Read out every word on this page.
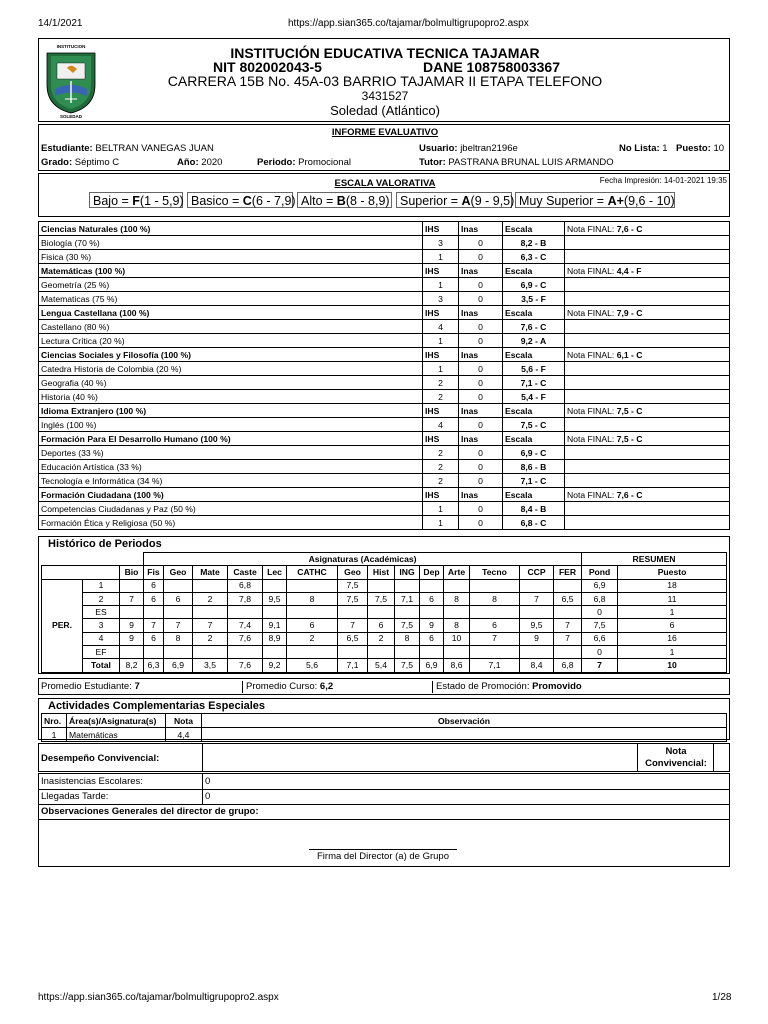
14/1/2021	https://app.sian365.co/tajamar/bolmultigrupopro2.aspx
INSTITUCION
SOLEDAD
INSTITUCIÓN EDUCATIVA TECNICA TAJAMAR
NIT 802002043-5	DANE 108758003367
CARRERA 15B No. 45A-03 BARRIO TAJAMAR II ETAPA TELEFONO
3431527
Soledad (Atlántico)
INFORME EVALUATIVO
Estudiante: BELTRAN VANEGAS JUAN	Usuario: jbeltran2196e	No Lista: 1 Puesto: 10
Grado: Séptimo C	Año: 2020	Periodo: Promocional	Tutor: PASTRANA BRUNAL LUIS ARMANDO
ESCALA VALORATIVA	Fecha Impresión: 14-01-2021 19:35
Bajo = F(1 - 5,9) Basico = C(6 - 7,9) Alto = B(8 - 8,9) Superior = A(9 - 9,5) Muy Superior = A+(9,6 - 10)
Ciencias Naturales (100 %)	IHS	Inas	Escala	Nota FINAL: 7,6 - C
Biología (70 %)	3	0	8,2 - B	
Fisica (30 %)	1	0	6,3 - C	
Matemáticas (100 %)	IHS	Inas	Escala	Nota FINAL: 4,4 - F
Geometría (25 %)	1	0	6,9 - C	
Matematicas (75 %)	3	0	3,5 - F	
Lengua Castellana (100 %)	IHS	Inas	Escala	Nota FINAL: 7,9 - C
Castellano (80 %)	4	0	7,6 - C	
Lectura Crítica (20 %)	1	0	9,2 - A	
Ciencias Sociales y Filosofía (100 %)	IHS	Inas	Escala	Nota FINAL: 6,1 - C
Catedra Historia de Colombia (20 %)	1	0	5,6 - F	
Geografia (40 %)	2	0	7,1 - C	
Historia (40 %)	2	0	5,4 - F	
Idioma Extranjero (100 %)	IHS	Inas	Escala	Nota FINAL: 7,5 - C
Inglés (100 %)	4	0	7,5 - C	
Formación Para El Desarrollo Humano (100 %)	IHS	Inas	Escala	Nota FINAL: 7,5 - C
Deportes (33 %)	2	0	6,9 - C	
Educación Artística (33 %)	2	0	8,6 - B	
Tecnología e Informática (34 %)	2	0	7,1 - C	
Formación Ciudadana (100 %)	IHS	Inas	Escala	Nota FINAL: 7,6 - C
Competencias Ciudadanas y Paz (50 %)	1	0	8,4 - B	
Formación Ética y Religiosa (50 %)	1	0	6,8 - C	
Histórico de Periodos
			Asignaturas (Académicas)														RESUMEN	
		Bio	Fis	Geo	Mate	Caste	Lec	CATHC	Geo	Hist	ING	Dep	Arte	Tecno	CCP	FER	Pond	Puesto
PER.	1		6			6,8			7,5								6,9	18
	2	7	6	6	2	7,8	9,5	8	7,5	7,5	7,1	6	8	8	7	6,5	6,8	11
	ES																0	1
	3	9	7	7	7	7,4	9,1	6	7	6	7,5	9	8	6	9,5	7	7,5	6
	4	9	6	8	2	7,6	8,9	2	6,5	2	8	6	10	7	9	7	6,6	16
	EF																0	1
	Total	8,2	6,3	6,9	3,5	7,6	9,2	5,6	7,1	5,4	7,5	6,9	8,6	7,1	8,4	6,8	7	10
Promedio Estudiante: 7	Promedio Curso: 6,2	Estado de Promoción: Promovido
Actividades Complementarias Especiales
Nro.	Área(s)/Asignatura(s)	Nota	Observación
1	Matemáticas	4,4	
Desempeño Convivencial:
Nota
Convivencial:
Inasistencias Escolares:	0
Llegadas Tarde:	0
Observaciones Generales del director de grupo:
Firma del Director (a) de Grupo
https://app.sian365.co/tajamar/bolmultigrupopro2.aspx	1/28
